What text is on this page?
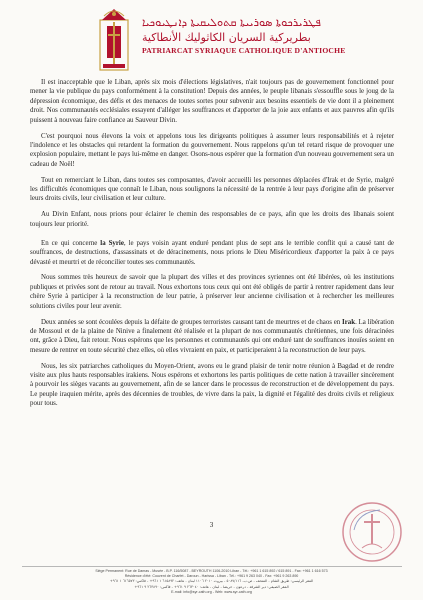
ܦܛܪܝܪܟܘܬܐ ܣܘܪܝܝܬܐ ܩܬܘܠܝܩܝܬܐ ܕܐܢܛܝܘܟܝܐ
بطريركية السريان الكاثوليك الأنطاكية
PATRIARCAT SYRIAQUE CATHOLIQUE D'ANTIOCHE

Il est inacceptable que le Liban, après six mois d'élections législatives, n'ait toujours pas de gouvernement fonctionnel pour mener la vie publique du pays conformément à la constitution! Depuis des années, le peuple libanais s'essouffle sous le joug de la dépression économique, des défis et des menaces de toutes sortes pour subvenir aux besoins essentiels de vie dont il a pleinement droit. Nos communautés ecclésiales essayent d'alléger les souffrances et d'apporter de la joie aux enfants et aux pauvres afin qu'ils puissent à nouveau faire confiance au Sauveur Divin.

C'est pourquoi nous élevons la voix et appelons tous les dirigeants politiques à assumer leurs responsabilités et à rejeter l'indolence et les obstacles qui retardent la formation du gouvernement. Nous rappelons qu'un tel retard risque de provoquer une explosion populaire, mettant le pays lui-même en danger. Osons-nous espérer que la formation d'un nouveau gouvernement sera un cadeau de Noël!

Tout en remerciant le Liban, dans toutes ses composantes, d'avoir accueilli les personnes déplacées d'Irak et de Syrie, malgré les difficultés économiques que connaît le Liban, nous soulignons la nécessité de la rentrée à leur pays d'origine afin de préserver leurs droits civils, leur civilisation et leur culture.

Au Divin Enfant, nous prions pour éclairer le chemin des responsables de ce pays, afin que les droits des libanais soient toujours leur priorité.

En ce qui concerne la Syrie, le pays voisin ayant enduré pendant plus de sept ans le terrible conflit qui a causé tant de souffrances, de destructions, d'assassinats et de déracinements, nous prions le Dieu Miséricordieux d'apporter la paix à ce pays dévasté et meurtri et de réconcilier toutes ses communautés.

Nous sommes très heureux de savoir que la plupart des villes et des provinces syriennes ont été libérées, où les institutions publiques et privées sont de retour au travail. Nous exhortons tous ceux qui ont été obligés de partir à rentrer rapidement dans leur chère Syrie à participer à la reconstruction de leur patrie, à préserver leur ancienne civilisation et à rechercher les meilleures solutions civiles pour leur avenir.

Deux années se sont écoulées depuis la défaite de groupes terroristes causant tant de meurtres et de chaos en Irak. La libération de Mossoul et de la plaine de Ninive a finalement été réalisée et la plupart de nos communautés chrétiennes, une fois déracinées ont, grâce à Dieu, fait retour. Nous espérons que les personnes et communautés qui ont enduré tant de souffrances inouïes soient en mesure de rentrer en toute sécurité chez elles, où elles vivraient en paix, et participeraient à la reconstruction de leur pays.

Nous, les six patriarches catholiques du Moyen-Orient, avons eu le grand plaisir de tenir notre réunion à Bagdad et de rendre visite aux plus hauts responsables irakiens. Nous espérons et exhortons les partis politiques de cette nation à travailler sincèrement à pourvoir les sièges vacants au gouvernement, afin de se lancer dans le processus de reconstruction et de développement du pays. Le peuple iraquien mérite, après des décennies de troubles, de vivre dans la paix, la dignité et l'égalité des droits civils et religieux pour tous.

3
Siège Permanent: Rue de Damas - Musée - B.P. 116/5087 - BEYROUTH 1106-2010 Liban - Tél.: +961 1 615 892 / 615 891 - Fax: +961 1 616 573
Résidence d'été: Couvent de Charfet - Daroun - Harissa - Liban - Tél.: +961 9 263 040 - Fax: +961 9 263 890
المقر الرئيسي: طريق الشام - المتحف - ص.ب. ٥٠٨٧/١١٦ - بيروت ٢٠١٠ ١١٠٦ لبنان - هاتف: ٦١٥٨٩٢ ١ ٩٦١+ - فاكس: ٦١٦٥٧٣ ١ ٩٦١+
المقر الصيفي: دير الشرفة - درعون - حريصا - لبنان - هاتف: ٢٦٣٠٤٠ ٩ ٩٦١+ - فاكس: ٢٦٣٨٩٠ ٩ ٩٦١+
E-mail: info@syr-cath.org - Web: www.syr-cath.org
